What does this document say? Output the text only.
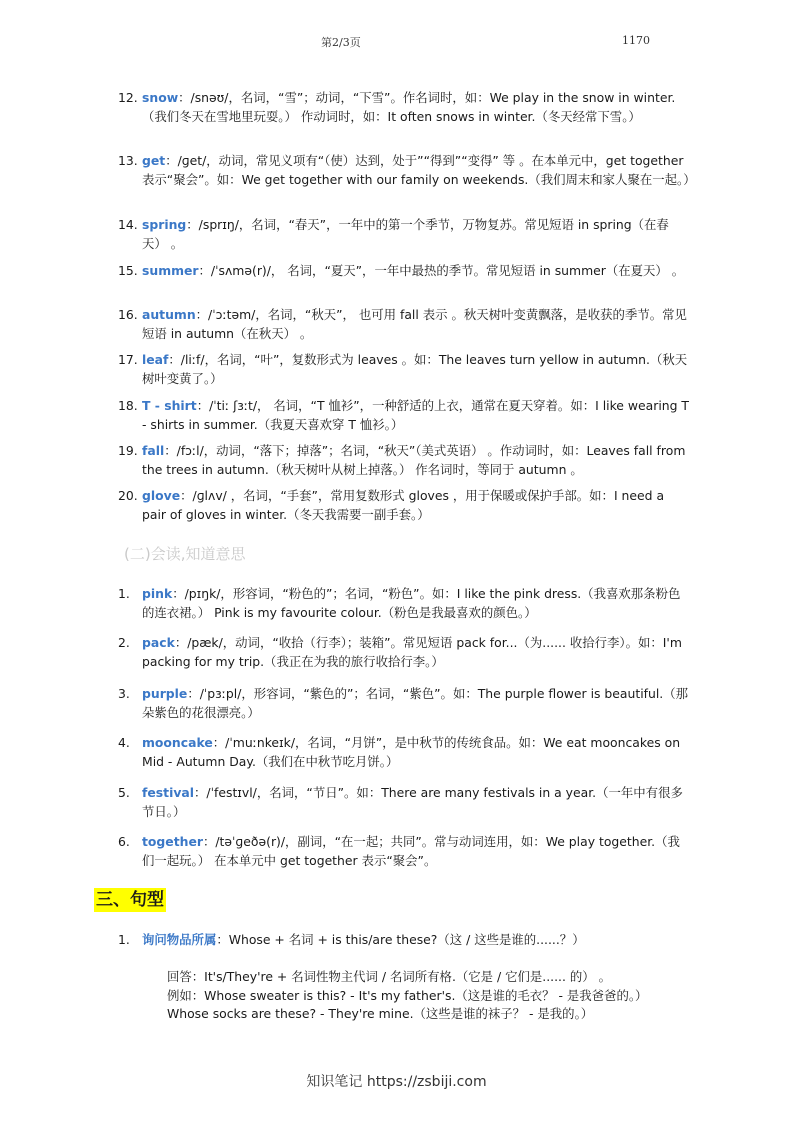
第2/3页	1170
12. snow：/snəʊ/，名词，“雪”；动词，“下雪”。作名词时，如：We play in the snow in winter.（我们冬天在雪地里玩耍。） 作动词时，如：It often snows in winter.（冬天经常下雪。）
13. get：/ɡet/，动词，常见义项有“（使）达到，处于”“得到”“变得” 等 。在本单元中，get together 表示“聚会”。如：We get together with our family on weekends.（我们周末和家人聚在一起。）
14. spring：/sprɪŋ/，名词，“春天”，一年中的第一个季节，万物复苏。常见短语 in spring（在春天） 。
15. summer：/ˈsʌmə(r)/， 名词，“夏天”，一年中最热的季节。常见短语 in summer（在夏天） 。
16. autumn：/ˈɔːtəm/，名词，“秋天”， 也可用 fall 表示 。秋天树叶变黄飘落，是收获的季节。常见短语 in autumn（在秋天） 。
17. leaf：/liːf/，名词，“叶”，复数形式为 leaves 。如：The leaves turn yellow in autumn.（秋天树叶变黄了。）
18. T - shirt：/ˈtiː ʃɜːt/， 名词，“T 恤衫”，一种舒适的上衣，通常在夏天穿着。如：I like wearing T - shirts in summer.（我夏天喜欢穿 T 恤衫。）
19. fall：/fɔːl/，动词，“落下；掉落”；名词，“秋天”（美式英语） 。作动词时，如：Leaves fall from the trees in autumn.（秋天树叶从树上掉落。） 作名词时，等同于 autumn 。
20. glove：/ɡlʌv/ ，名词，“手套”，常用复数形式 gloves ，用于保暖或保护手部。如：I need a pair of gloves in winter.（冬天我需要一副手套。）
(二)会读,知道意思
1. pink：/pɪŋk/，形容词，“粉色的”；名词，“粉色”。如：I like the pink dress.（我喜欢那条粉色的连衣裙。） Pink is my favourite colour.（粉色是我最喜欢的颜色。）
2. pack：/pæk/，动词，“收拾（行李）；装箱”。常见短语 pack for...（为...... 收拾行李）。如：I'm packing for my trip.（我正在为我的旅行收拾行李。）
3. purple：/ˈpɜːpl/，形容词，“紫色的”；名词，“紫色”。如：The purple flower is beautiful.（那朵紫色的花很漂亮。）
4. mooncake：/ˈmuːnkeɪk/，名词，“月饼”，是中秋节的传统食品。如：We eat mooncakes on Mid - Autumn Day.（我们在中秋节吃月饼。）
5. festival：/ˈfestɪvl/，名词，“节日”。如：There are many festivals in a year.（一年中有很多节日。）
6. together：/təˈɡeðə(r)/，副词，“在一起；共同”。常与动词连用，如：We play together.（我们一起玩。） 在本单元中 get together 表示“聚会”。
三、句型
1. 询问物品所属：Whose + 名词 + is this/are these?（这 / 这些是谁的......？）
回答：It's/They're + 名词性物主代词 / 名词所有格.（它是 / 它们是...... 的） 。
例如：Whose sweater is this? - It's my father's.（这是谁的毛衣？ - 是我爸爸的。）
Whose socks are these? - They're mine.（这些是谁的袜子？ - 是我的。）
知识笔记 https://zsbiji.com
